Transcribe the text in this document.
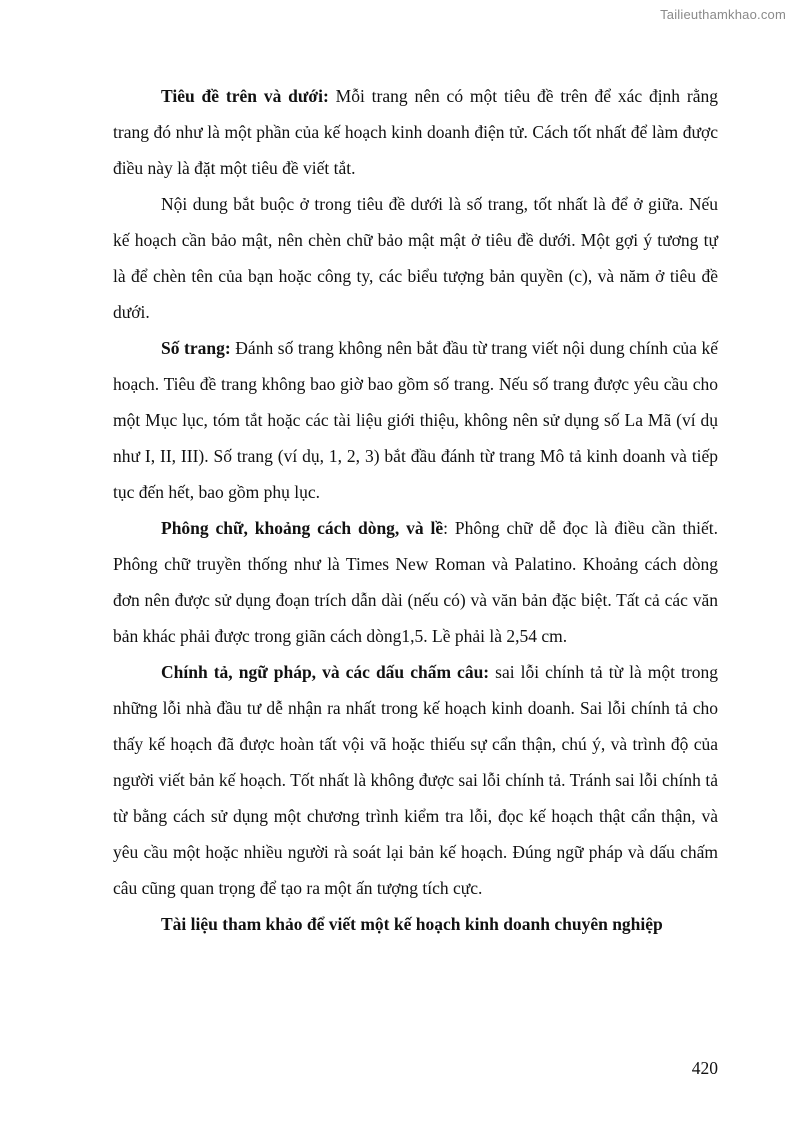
Tailieuthamkhao.com

Tiêu đề trên và dưới: Mỗi trang nên có một tiêu đề trên để xác định rằng trang đó như là một phần của kế hoạch kinh doanh điện tử. Cách tốt nhất để làm được điều này là đặt một tiêu đề viết tắt.

Nội dung bắt buộc ở trong tiêu đề dưới là số trang, tốt nhất là để ở giữa. Nếu kế hoạch cần bảo mật, nên chèn chữ bảo mật mật ở tiêu đề dưới. Một gợi ý tương tự là để chèn tên của bạn hoặc công ty, các biểu tượng bản quyền (c), và năm ở tiêu đề dưới.

Số trang: Đánh số trang không nên bắt đầu từ trang viết nội dung chính của kế hoạch. Tiêu đề trang không bao giờ bao gồm số trang. Nếu số trang được yêu cầu cho một Mục lục, tóm tắt hoặc các tài liệu giới thiệu, không nên sử dụng số La Mã (ví dụ như I, II, III). Số trang (ví dụ, 1, 2, 3) bắt đầu đánh từ trang Mô tả kinh doanh và tiếp tục đến hết, bao gồm phụ lục.

Phông chữ, khoảng cách dòng, và lề: Phông chữ dễ đọc là điều cần thiết. Phông chữ truyền thống như là Times New Roman và Palatino. Khoảng cách dòng đơn nên được sử dụng đoạn trích dẫn dài (nếu có) và văn bản đặc biệt. Tất cả các văn bản khác phải được trong giãn cách dòng1,5. Lề phải là 2,54 cm.

Chính tả, ngữ pháp, và các dấu chấm câu: sai lỗi chính tả từ là một trong những lỗi nhà đầu tư dễ nhận ra nhất trong kế hoạch kinh doanh. Sai lỗi chính tả cho thấy kế hoạch đã được hoàn tất vội vã hoặc thiếu sự cẩn thận, chú ý, và trình độ của người viết bản kế hoạch. Tốt nhất là không được sai lỗi chính tả. Tránh sai lỗi chính tả từ bằng cách sử dụng một chương trình kiểm tra lỗi, đọc kế hoạch thật cẩn thận, và yêu cầu một hoặc nhiều người rà soát lại bản kế hoạch. Đúng ngữ pháp và dấu chấm câu cũng quan trọng để tạo ra một ấn tượng tích cực.

Tài liệu tham khảo để viết một kế hoạch kinh doanh chuyên nghiệp

420
